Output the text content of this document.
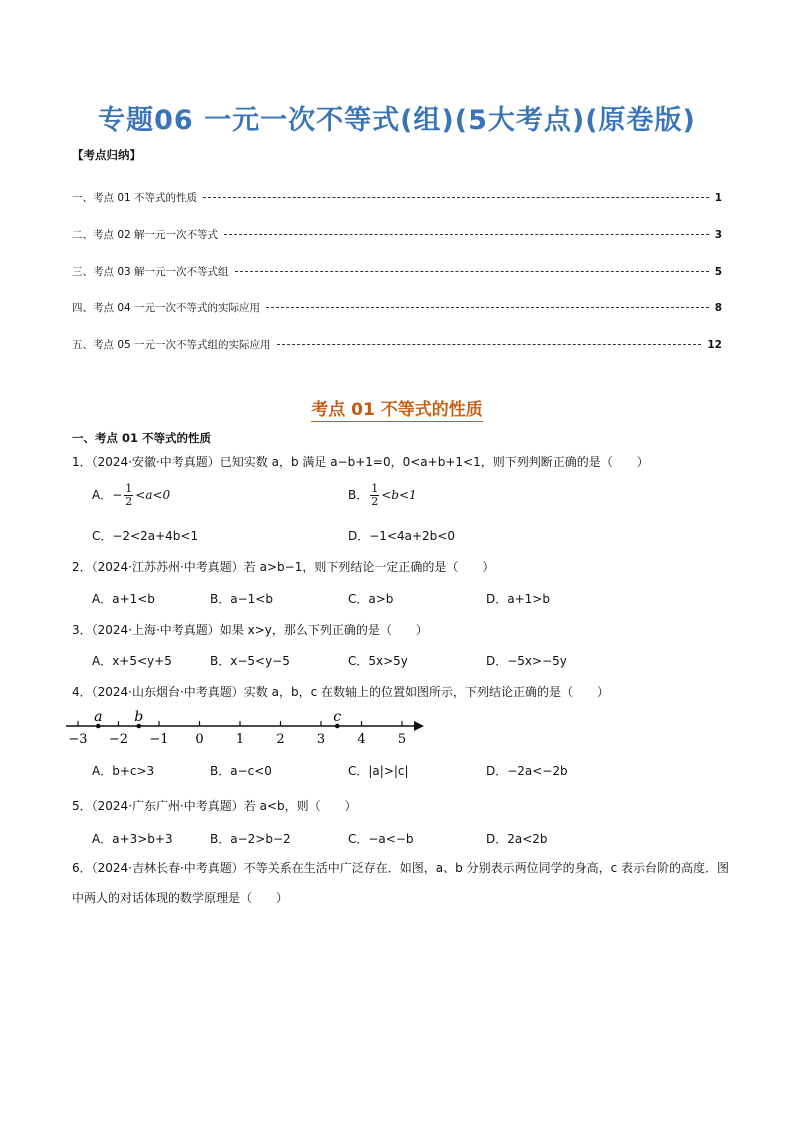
专题06 一元一次不等式(组)(5大考点)(原卷版)
【考点归纳】
一、考点 01 不等式的性质	1
二、考点 02 解一元一次不等式	3
三、考点 03 解一元一次不等式组	5
四、考点 04 一元一次不等式的实际应用	8
五、考点 05 一元一次不等式组的实际应用	12
考点 01 不等式的性质
一、考点 01 不等式的性质
1．（2024·安徽·中考真题）已知实数 a，b 满足 a−b+1=0，0<a+b+1<1，则下列判断正确的是（　　）
A．− $\frac{1}{2} <a<0$	B． $\frac{1}{2} <b<1$
C．−2<2a+4b<1	D．−1<4a+2b<0
2．（2024·江苏苏州·中考真题）若 a>b−1，则下列结论一定正确的是（　　）
A．a+1<b	B．a−1<b	C．a>b	D．a+1>b
3．（2024·上海·中考真题）如果 x>y，那么下列正确的是（　　）
A．x+5<y+5	B．x−5<y−5	C．5x>5y	D．−5x>−5y
4．（2024·山东烟台·中考真题）实数 a，b，c 在数轴上的位置如图所示，下列结论正确的是（　　）
−3 −2 −1 0 1 2 3 4 5
a b	c
A．b+c>3	B．a−c<0	C．|a|>|c|	D．−2a<−2b
5．（2024·广东广州·中考真题）若 a<b，则（　　）
A．a+3>b+3	B．a−2>b−2	C．−a<−b	D．2a<2b
6．（2024·吉林长春·中考真题）不等关系在生活中广泛存在．如图，a、b 分别表示两位同学的身高，c 表示台阶的高度．图中两人的对话体现的数学原理是（　　）
